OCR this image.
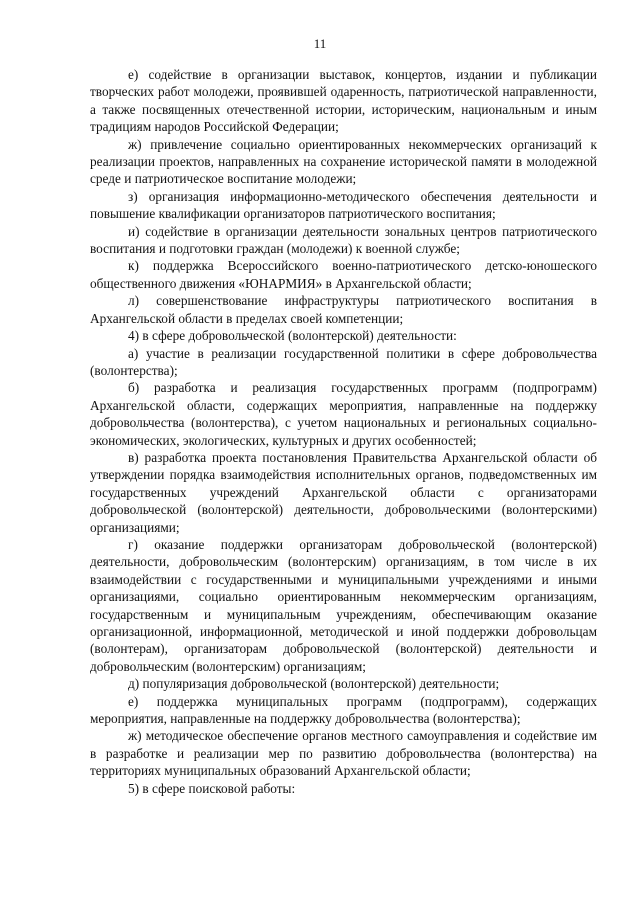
11

е) содействие в организации выставок, концертов, издании и публикации творческих работ молодежи, проявившей одаренность, патриотической направленности, а также посвященных отечественной истории, историческим, национальным и иным традициям народов Российской Федерации;

ж) привлечение социально ориентированных некоммерческих организаций к реализации проектов, направленных на сохранение исторической памяти в молодежной среде и патриотическое воспитание молодежи;

з) организация информационно-методического обеспечения деятельности и повышение квалификации организаторов патриотического воспитания;

и) содействие в организации деятельности зональных центров патриотического воспитания и подготовки граждан (молодежи) к военной службе;

к) поддержка Всероссийского военно-патриотического детско-юношеского общественного движения «ЮНАРМИЯ» в Архангельской области;

л) совершенствование инфраструктуры патриотического воспитания в Архангельской области в пределах своей компетенции;

4) в сфере добровольческой (волонтерской) деятельности:

а) участие в реализации государственной политики в сфере добровольчества (волонтерства);

б) разработка и реализация государственных программ (подпрограмм) Архангельской области, содержащих мероприятия, направленные на поддержку добровольчества (волонтерства), с учетом национальных и региональных социально-экономических, экологических, культурных и других особенностей;

в) разработка проекта постановления Правительства Архангельской области об утверждении порядка взаимодействия исполнительных органов, подведомственных им государственных учреждений Архангельской области с организаторами добровольческой (волонтерской) деятельности, добровольческими (волонтерскими) организациями;

г) оказание поддержки организаторам добровольческой (волонтерской) деятельности, добровольческим (волонтерским) организациям, в том числе в их взаимодействии с государственными и муниципальными учреждениями и иными организациями, социально ориентированным некоммерческим организациям, государственным и муниципальным учреждениям, обеспечивающим оказание организационной, информационной, методической и иной поддержки добровольцам (волонтерам), организаторам добровольческой (волонтерской) деятельности и добровольческим (волонтерским) организациям;

д) популяризация добровольческой (волонтерской) деятельности;

е) поддержка муниципальных программ (подпрограмм), содержащих мероприятия, направленные на поддержку добровольчества (волонтерства);

ж) методическое обеспечение органов местного самоуправления и содействие им в разработке и реализации мер по развитию добровольчества (волонтерства) на территориях муниципальных образований Архангельской области;

5) в сфере поисковой работы:
